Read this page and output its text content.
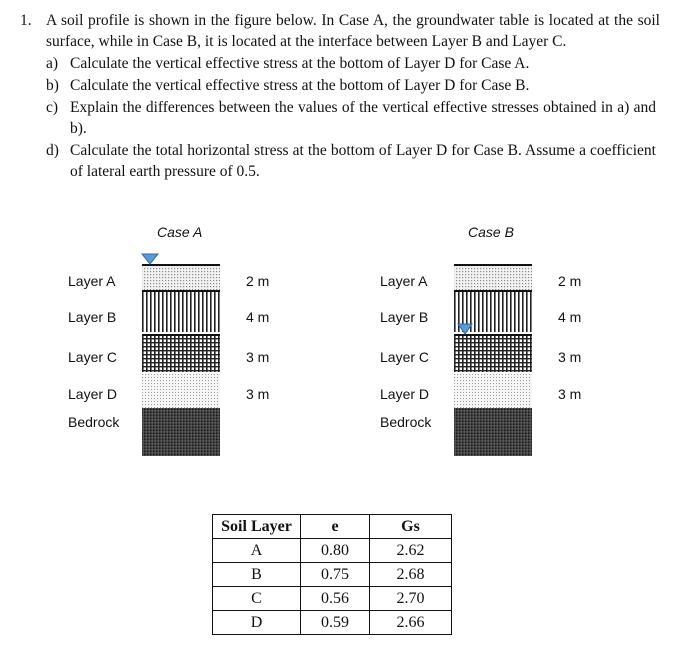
1. A soil profile is shown in the figure below. In Case A, the groundwater table is located at the soil surface, while in Case B, it is located at the interface between Layer B and Layer C.
a) Calculate the vertical effective stress at the bottom of Layer D for Case A.
b) Calculate the vertical effective stress at the bottom of Layer D for Case B.
c) Explain the differences between the values of the vertical effective stresses obtained in a) and b).
d) Calculate the total horizontal stress at the bottom of Layer D for Case B. Assume a coefficient of lateral earth pressure of 0.5.
Case A
Layer A
Layer B
Layer C
Layer D
Bedrock
2 m
4 m
3 m
3 m
Case B
Layer A
Layer B
Layer C
Layer D
Bedrock
2 m
4 m
3 m
3 m
Soil Layer	e	Gs
A	0.80	2.62
B	0.75	2.68
C	0.56	2.70
D	0.59	2.66
